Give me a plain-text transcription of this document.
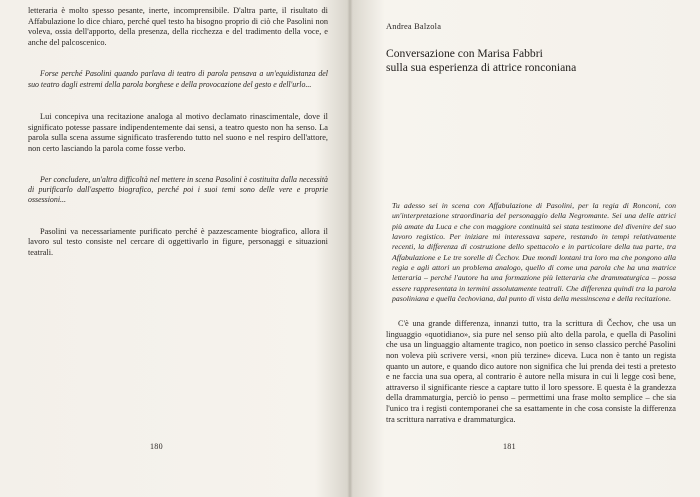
letteraria è molto spesso pesante, inerte, incomprensibile. D'altra parte, il risultato di Affabulazione lo dice chiaro, perché quel testo ha bisogno proprio di ciò che Pasolini non voleva, ossia dell'apporto, della presenza, della ricchezza e del tradimento della voce, e anche del palcoscenico.

Forse perché Pasolini quando parlava di teatro di parola pensava a un'equidistanza del suo teatro dagli estremi della parola borghese e della provocazione del gesto e dell'urlo...

Lui concepiva una recitazione analoga al motivo declamato rinascimentale, dove il significato potesse passare indipendentemente dai sensi, a teatro questo non ha senso. La parola sulla scena assume significato trasferendo tutto nel suono e nel respiro dell'attore, non certo lasciando la parola come fosse verbo.

Per concludere, un'altra difficoltà nel mettere in scena Pasolini è costituita dalla necessità di purificarlo dall'aspetto biografico, perché poi i suoi temi sono delle vere e proprie ossessioni...

Pasolini va necessariamente purificato perché è pazzescamente biografico, allora il lavoro sul testo consiste nel cercare di oggettivarlo in figure, personaggi e situazioni teatrali.

180
Andrea Balzola
Conversazione con Marisa Fabbri
sulla sua esperienza di attrice ronconiana

Tu adesso sei in scena con Affabulazione di Pasolini, per la regia di Ronconi, con un'interpretazione straordinaria del personaggio della Negromante. Sei una delle attrici più amate da Luca e che con maggiore continuità sei stata testimone del divenire del suo lavoro registico. Per iniziare mi interessava sapere, restando in tempi relativamente recenti, la differenza di costruzione dello spettacolo e in particolare della tua parte, tra Affabulazione e Le tre sorelle di Čechov. Due mondi lontani tra loro ma che pongono alla regia e agli attori un problema analogo, quello di come una parola che ha una matrice letteraria – perché l'autore ha una formazione più letteraria che drammaturgica – possa essere rappresentata in termini assolutamente teatrali. Che differenza quindi tra la parola pasoliniana e quella čechoviana, dal punto di vista della messinscena e della recitazione.

C'è una grande differenza, innanzi tutto, tra la scrittura di Čechov, che usa un linguaggio «quotidiano», sia pure nel senso più alto della parola, e quella di Pasolini che usa un linguaggio altamente tragico, non poetico in senso classico perché Pasolini non voleva più scrivere versi, «non più terzine» diceva. Luca non è tanto un regista quanto un autore, e quando dico autore non significa che lui prenda dei testi a pretesto e ne faccia una sua opera, al contrario è autore nella misura in cui li legge così bene, attraverso il significante riesce a captare tutto il loro spessore. E questa è la grandezza della drammaturgia, perciò io penso – permettimi una frase molto semplice – che sia l'unico tra i registi contemporanei che sa esattamente in che cosa consiste la differenza tra scrittura narrativa e drammaturgica.

181
